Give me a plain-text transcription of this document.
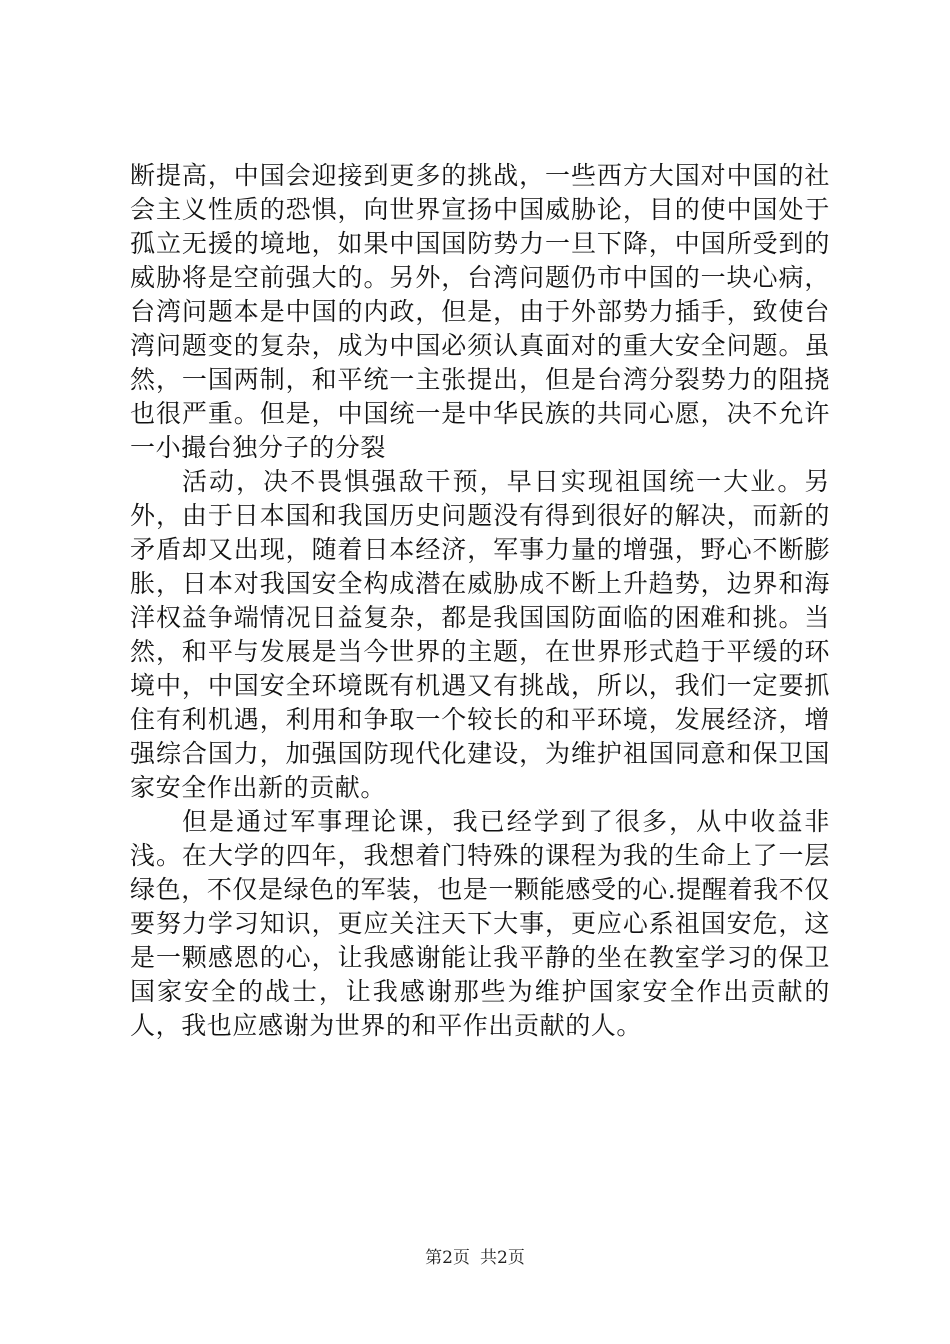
断提高，中国会迎接到更多的挑战，一些西方大国对中国的社会主义性质的恐惧，向世界宣扬中国威胁论，目的使中国处于孤立无援的境地，如果中国国防势力一旦下降，中国所受到的威胁将是空前强大的。另外，台湾问题仍市中国的一块心病，台湾问题本是中国的内政，但是，由于外部势力插手，致使台湾问题变的复杂，成为中国必须认真面对的重大安全问题。虽然，一国两制，和平统一主张提出，但是台湾分裂势力的阻挠也很严重。但是，中国统一是中华民族的共同心愿，决不允许一小撮台独分子的分裂

活动，决不畏惧强敌干预，早日实现祖国统一大业。另外，由于日本国和我国历史问题没有得到很好的解决，而新的矛盾却又出现，随着日本经济，军事力量的增强，野心不断膨胀，日本对我国安全构成潜在威胁成不断上升趋势，边界和海洋权益争端情况日益复杂，都是我国国防面临的困难和挑。当然，和平与发展是当今世界的主题，在世界形式趋于平缓的环境中，中国安全环境既有机遇又有挑战，所以，我们一定要抓住有利机遇，利用和争取一个较长的和平环境，发展经济，增强综合国力，加强国防现代化建设，为维护祖国同意和保卫国家安全作出新的贡献。

但是通过军事理论课，我已经学到了很多，从中收益非浅。在大学的四年，我想着门特殊的课程为我的生命上了一层绿色，不仅是绿色的军装，也是一颗能感受的心.提醒着我不仅要努力学习知识，更应关注天下大事，更应心系祖国安危，这是一颗感恩的心，让我感谢能让我平静的坐在教室学习的保卫国家安全的战士，让我感谢那些为维护国家安全作出贡献的人，我也应感谢为世界的和平作出贡献的人。

第2页 共2页
